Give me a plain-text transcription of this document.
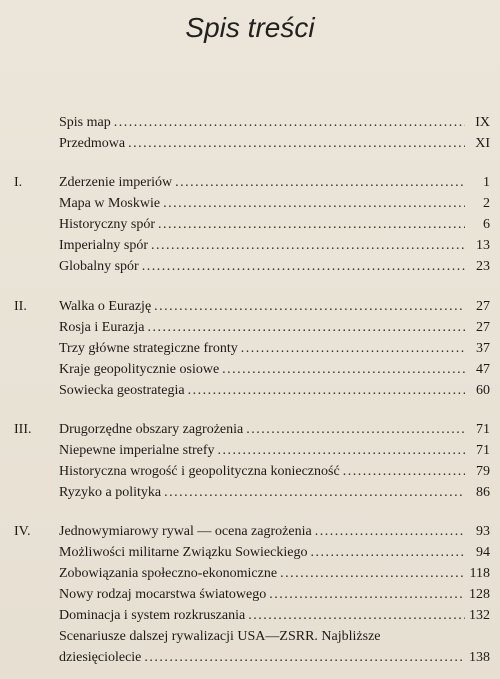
Spis treści
Spis map . . .	IX
Przedmowa . . .	XI
I.	Zderzenie imperiów . . .	1
Mapa w Moskwie . . .	2
Historyczny spór . . .	6
Imperialny spór . . .	13
Globalny spór . . .	23
II.	Walka o Eurazję . . .	27
Rosja i Eurazja . . .	27
Trzy główne strategiczne fronty . . .	37
Kraje geopolitycznie osiowe . . .	47
Sowiecka geostrategia . . .	60
III.	Drugorzędne obszary zagrożenia . . .	71
Niepewne imperialne strefy . . .	71
Historyczna wrogość i geopolityczna konieczność . . .	79
Ryzyko a polityka . . .	86
IV.	Jednowymiarowy rywal — ocena zagrożenia . . .	93
Możliwości militarne Związku Sowieckiego . . .	94
Zobowiązania społeczno-ekonomiczne . . .	118
Nowy rodzaj mocarstwa światowego . . .	128
Dominacja i system rozkruszania . . .	132
Scenariusze dalszej rywalizacji USA—ZSRR. Najbliższe
dziesięciolecie . . .	138
